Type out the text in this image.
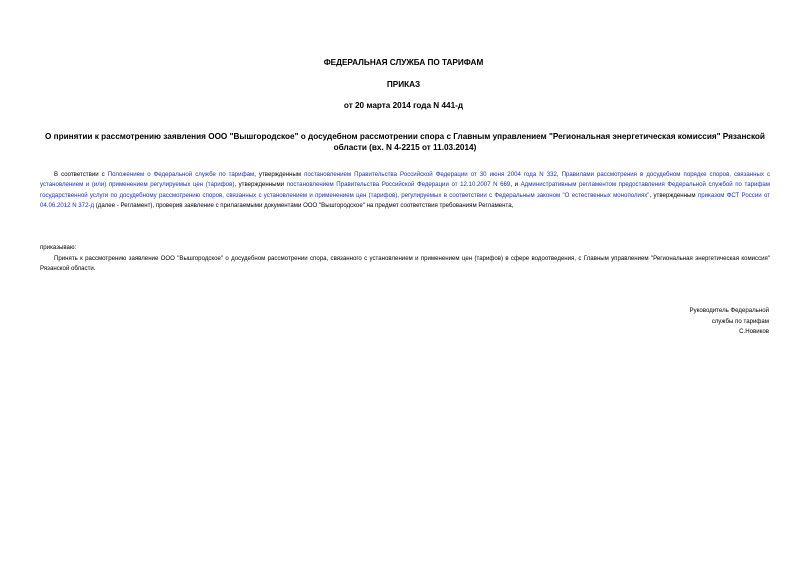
ФЕДЕРАЛЬНАЯ СЛУЖБА ПО ТАРИФАМ
ПРИКАЗ
от 20 марта 2014 года N 441-д
О принятии к рассмотрению заявления ООО "Вышгородское" о досудебном рассмотрении спора с Главным управлением "Региональная энергетическая комиссия" Рязанской области (вх. N 4-2215 от 11.03.2014)
В соответствии с Положением о Федеральной службе по тарифам, утвержденным постановлением Правительства Российской Федерации от 30 июня 2004 года N 332, Правилами рассмотрения в досудебном порядке споров, связанных с установлением и (или) применением регулируемых цен (тарифов), утвержденными постановлением Правительства Российской Федерации от 12.10.2007 N 669, и Административным регламентом предоставления Федеральной службой по тарифам государственной услуги по досудебному рассмотрению споров, связанных с установлением и применением цен (тарифов), регулируемых в соответствии с Федеральным законом "О естественных монополиях", утвержденным приказом ФСТ России от 04.06.2012 N 372-д (далее - Регламент), проверив заявление с прилагаемыми документами ООО "Вышгородское" на предмет соответствия требованиям Регламента,
приказываю:
Принять к рассмотрению заявление ООО "Вышгородское" о досудебном рассмотрении спора, связанного с установлением и применением цен (тарифов) в сфере водоотведения, с Главным управлением "Региональная энергетическая комиссия" Рязанской области.
Руководитель Федеральной
службы по тарифам
С.Новиков
